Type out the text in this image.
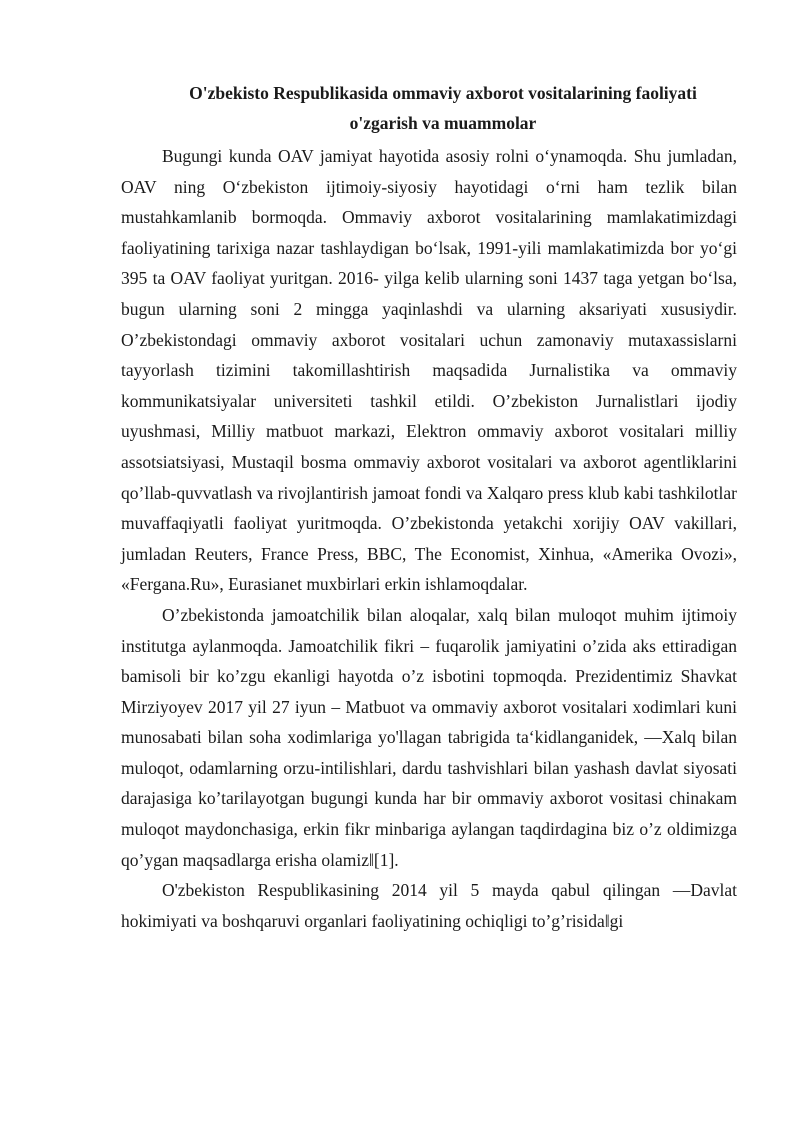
O'zbekisto Respublikasida ommaviy axborot vositalarining faoliyati
o'zgarish va muammolar

Bugungi kunda OAV jamiyat hayotida asosiy rolni oʻynamoqda. Shu jumladan, OAV ning Oʻzbekiston ijtimoiy-siyosiy hayotidagi oʻrni ham tezlik bilan mustahkamlanib bormoqda. Ommaviy axborot vositalarining mamlakatimizdagi faoliyatining tarixiga nazar tashlaydigan boʻlsak, 1991-yili mamlakatimizda bor yoʻgi 395 ta OAV faoliyat yuritgan. 2016- yilga kelib ularning soni 1437 taga yetgan boʻlsa, bugun ularning soni 2 mingga yaqinlashdi va ularning aksariyati xususiydir. O’zbekistondagi ommaviy axborot vositalari uchun zamonaviy mutaxassislarni tayyorlash tizimini takomillashtirish maqsadida Jurnalistika va ommaviy kommunikatsiyalar universiteti tashkil etildi. O’zbekiston Jurnalistlari ijodiy uyushmasi, Milliy matbuot markazi, Elektron ommaviy axborot vositalari milliy assotsiatsiyasi, Mustaqil bosma ommaviy axborot vositalari va axborot agentliklarini qo’llab-quvvatlash va rivojlantirish jamoat fondi va Xalqaro press klub kabi tashkilotlar muvaffaqiyatli faoliyat yuritmoqda. O’zbekistonda yetakchi xorijiy OAV vakillari, jumladan Reuters, France Press, BBC, The Economist, Xinhua, «Amerika Ovozi», «Fergana.Ru», Eurasianet muxbirlari erkin ishlamoqdalar.

O’zbekistonda jamoatchilik bilan aloqalar, xalq bilan muloqot muhim ijtimoiy institutga aylanmoqda. Jamoatchilik fikri – fuqarolik jamiyatini o’zida aks ettiradigan bamisoli bir ko’zgu ekanligi hayotda o’z isbotini topmoqda. Prezidentimiz Shavkat Mirziyoyev 2017 yil 27 iyun – Matbuot va ommaviy axborot vositalari xodimlari kuni munosabati bilan soha xodimlariga yo'llagan tabrigida taʻkidlanganidek, ―Xalq bilan muloqot, odamlarning orzu-intilishlari, dardu tashvishlari bilan yashash davlat siyosati darajasiga ko’tarilayotgan bugungi kunda har bir ommaviy axborot vositasi chinakam muloqot maydonchasiga, erkin fikr minbariga aylangan taqdirdagina biz o’z oldimizga qo’ygan maqsadlarga erisha olamiz‖[1].

O'zbekiston Respublikasining 2014 yil 5 mayda qabul qilingan ―Davlat hokimiyati va boshqaruvi organlari faoliyatining ochiqligi to’g’risida‖gi
